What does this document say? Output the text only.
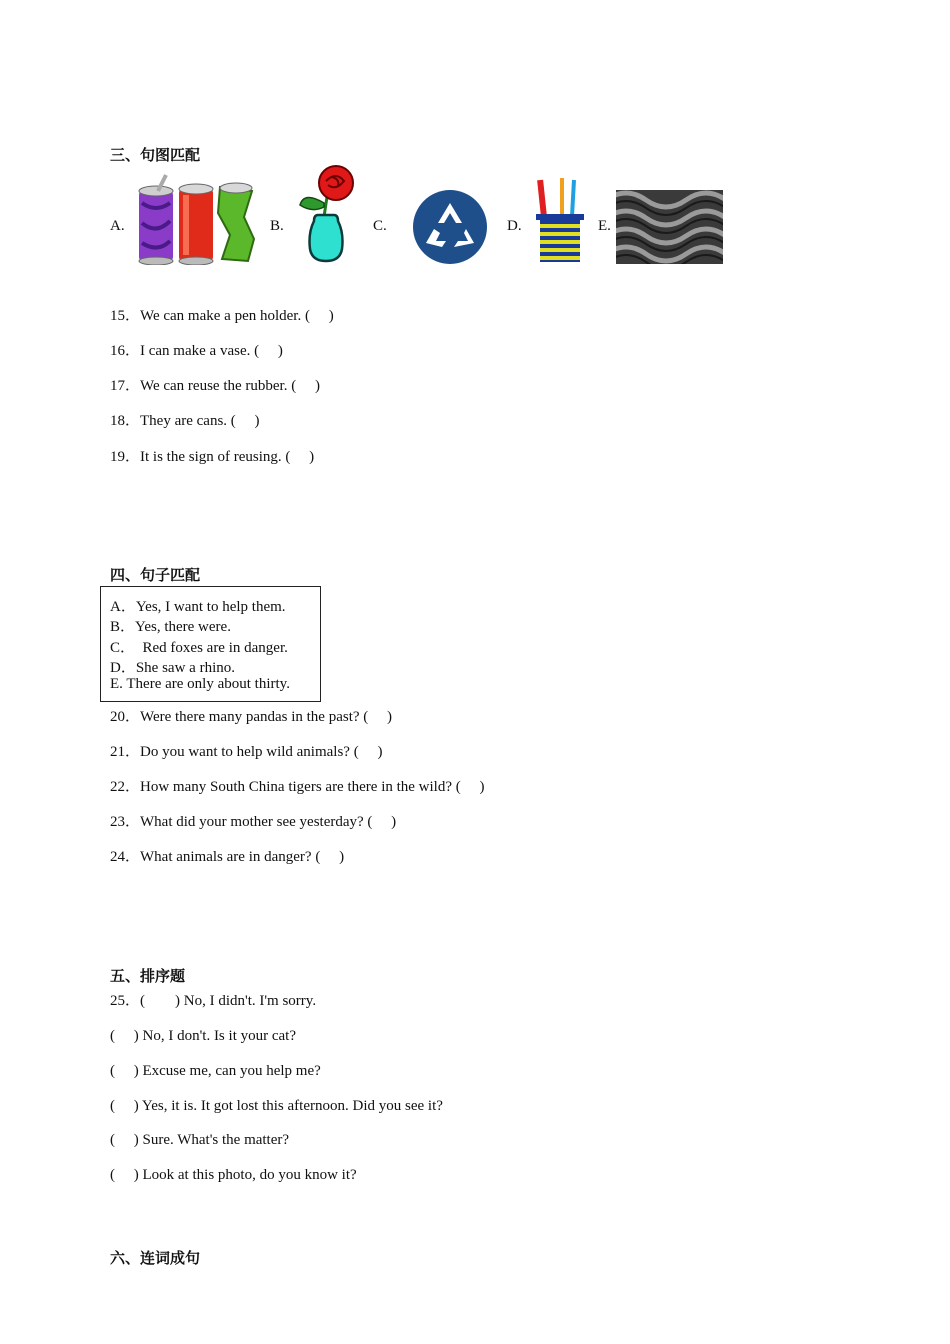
三、句图匹配
A.	B.	C.	D.	E.
15．We can make a pen holder. (　 )
16．I can make a vase. (　 )
17．We can reuse the rubber. (　 )
18．They are cans. (　 )
19．It is the sign of reusing. (　 )
四、句子匹配
A．Yes, I want to help them.
B．Yes, there were.
C．　Red foxes are in danger.
D．She saw a rhino.
E. There are only about thirty.
20．Were there many pandas in the past? (　 )
21．Do you want to help wild animals? (　 )
22．How many South China tigers are there in the wild? (　 )
23．What did your mother see yesterday? (　 )
24．What animals are in danger? (　 )
五、排序题
25．(　　) No, I didn't. I'm sorry.
(　 ) No, I don't. Is it your cat?
(　 ) Excuse me, can you help me?
(　 ) Yes, it is. It got lost this afternoon. Did you see it?
(　 ) Sure. What's the matter?
(　 ) Look at this photo, do you know it?
六、连词成句
